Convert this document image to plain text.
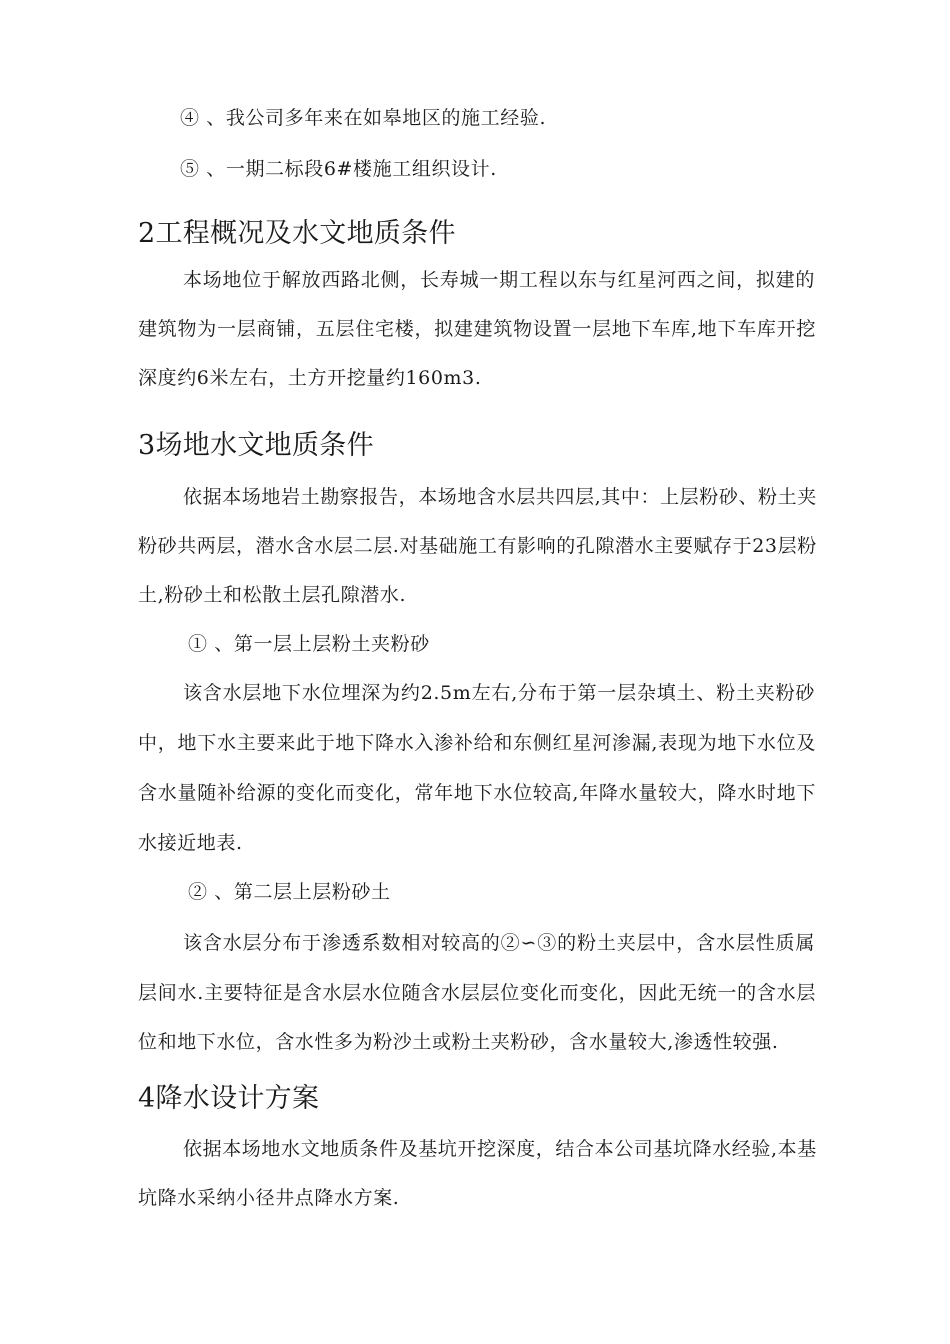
④ 、我公司多年来在如皋地区的施工经验.
⑤ 、一期二标段6#楼施工组织设计.
2工程概况及水文地质条件
本场地位于解放西路北侧，长寿城一期工程以东与红星河西之间，拟建的
建筑物为一层商铺，五层住宅楼，拟建建筑物设置一层地下车库,地下车库开挖
深度约6米左右，土方开挖量约160m3.
3场地水文地质条件
依据本场地岩土勘察报告，本场地含水层共四层,其中：上层粉砂、粉土夹
粉砂共两层，潜水含水层二层.对基础施工有影响的孔隙潜水主要赋存于23层粉
土,粉砂土和松散土层孔隙潜水.
① 、第一层上层粉土夹粉砂
该含水层地下水位埋深为约2.5m左右,分布于第一层杂填土、粉土夹粉砂
中，地下水主要来此于地下降水入渗补给和东侧红星河渗漏,表现为地下水位及
含水量随补给源的变化而变化，常年地下水位较高,年降水量较大，降水时地下
水接近地表.
② 、第二层上层粉砂土
该含水层分布于渗透系数相对较高的②∽③的粉土夹层中，含水层性质属
层间水.主要特征是含水层水位随含水层层位变化而变化，因此无统一的含水层
位和地下水位，含水性多为粉沙土或粉土夹粉砂，含水量较大,渗透性较强.
4降水设计方案
依据本场地水文地质条件及基坑开挖深度，结合本公司基坑降水经验,本基
坑降水采纳小径井点降水方案.
